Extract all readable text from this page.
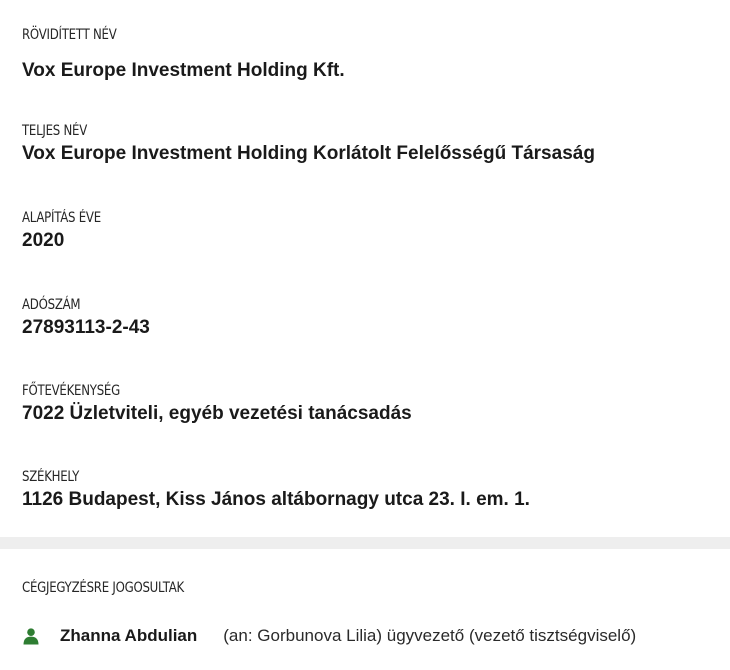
RÖVIDÍTETT NÉV
Vox Europe Investment Holding Kft.
TELJES NÉV
Vox Europe Investment Holding Korlátolt Felelősségű Társaság
ALAPÍTÁS ÉVE
2020
ADÓSZÁM
27893113-2-43
FŐTEVÉKENYSÉG
7022 Üzletviteli, egyéb vezetési tanácsadás
SZÉKHELY
1126 Budapest, Kiss János altábornagy utca 23. I. em. 1.
CÉGJEGYZÉSRE JOGOSULTAK
Zhanna Abdulian (an: Gorbunova Lilia) ügyvezető (vezető tisztségviselő)
